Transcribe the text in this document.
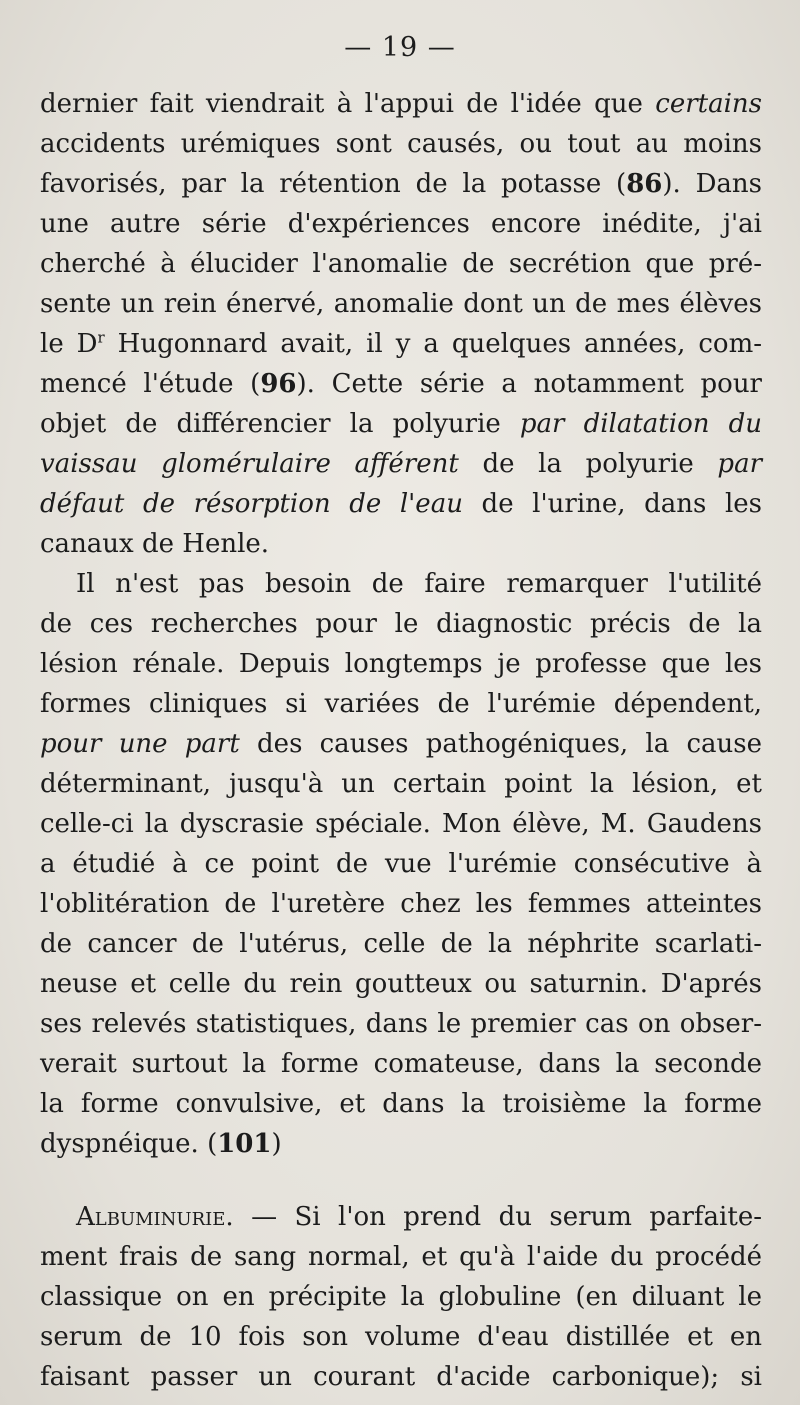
— 19 —
dernier fait viendrait à l'appui de l'idée que certains
accidents urémiques sont causés, ou tout au moins
favorisés, par la rétention de la potasse (86). Dans
une autre série d'expériences encore inédite, j'ai
cherché à élucider l'anomalie de secrétion que pré-
sente un rein énervé, anomalie dont un de mes élèves
le $D^r$ Hugonnard avait, il y a quelques années, com-
mencé l'étude (96). Cette série a notamment pour
objet de différencier la polyurie par dilatation du
vaissau glomérulaire afférent de la polyurie par
défaut de résorption de l'eau de l'urine, dans les
canaux de Henle.
Il n'est pas besoin de faire remarquer l'utilité
de ces recherches pour le diagnostic précis de la
lésion rénale. Depuis longtemps je professe que les
formes cliniques si variées de l'urémie dépendent,
pour une part des causes pathogéniques, la cause
déterminant, jusqu'à un certain point la lésion, et
celle-ci la dyscrasie spéciale. Mon élève, M. Gaudens
a étudié à ce point de vue l'urémie consécutive à
l'oblitération de l'uretère chez les femmes atteintes
de cancer de l'utérus, celle de la néphrite scarlati-
neuse et celle du rein goutteux ou saturnin. D'aprés
ses relevés statistiques, dans le premier cas on obser-
verait surtout la forme comateuse, dans la seconde
la forme convulsive, et dans la troisième la forme
dyspnéique. (101)
Albuminurie. — Si l'on prend du serum parfaite-
ment frais de sang normal, et qu'à l'aide du procédé
classique on en précipite la globuline (en diluant le
serum de 10 fois son volume d'eau distillée et en
faisant passer un courant d'acide carbonique); si
